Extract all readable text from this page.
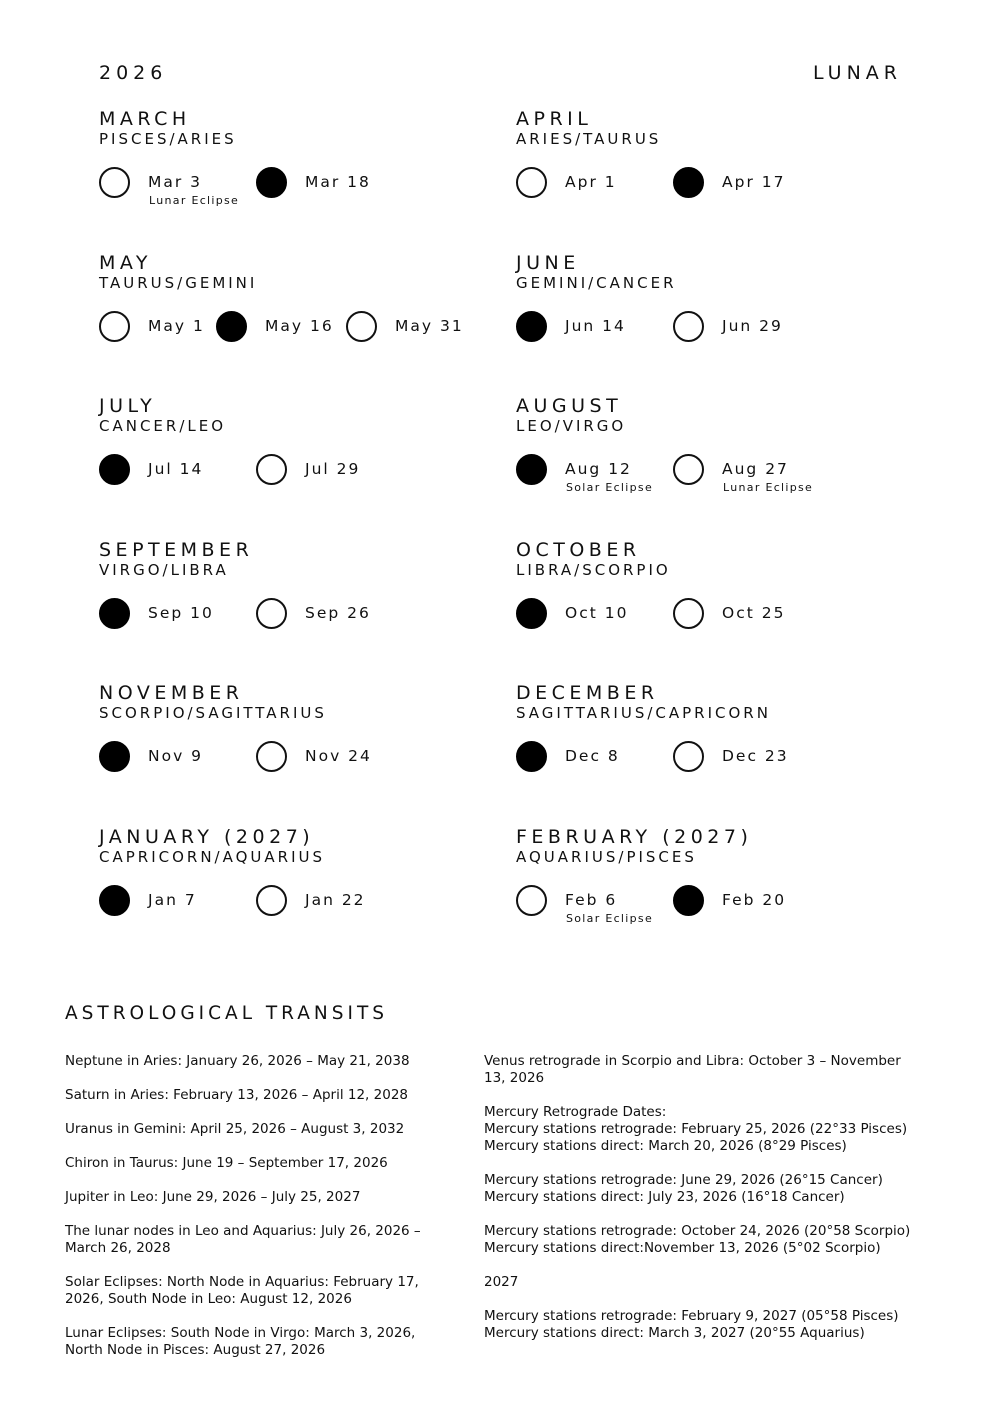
2026	LUNAR
MARCH
PISCES/ARIES
Mar 3
Lunar Eclipse
Mar 18
APRIL
ARIES/TAURUS
Apr 1	Apr 17
MAY
TAURUS/GEMINI
May 1	May 16	May 31
JUNE
GEMINI/CANCER
Jun 14	Jun 29
JULY
CANCER/LEO
Jul 14	Jul 29
AUGUST
LEO/VIRGO
Aug 12
Solar Eclipse
Aug 27
Lunar Eclipse
SEPTEMBER
VIRGO/LIBRA
Sep 10	Sep 26
OCTOBER
LIBRA/SCORPIO
Oct 10	Oct 25
NOVEMBER
SCORPIO/SAGITTARIUS
Nov 9	Nov 24
DECEMBER
SAGITTARIUS/CAPRICORN
Dec 8	Dec 23
JANUARY (2027)
CAPRICORN/AQUARIUS
Jan 7	Jan 22
FEBRUARY (2027)
AQUARIUS/PISCES
Feb 6
Solar Eclipse
Feb 20
ASTROLOGICAL TRANSITS

Neptune in Aries: January 26, 2026 – May 21, 2038

Saturn in Aries: February 13, 2026 – April 12, 2028

Uranus in Gemini: April 25, 2026 – August 3, 2032

Chiron in Taurus: June 19 – September 17, 2026

Jupiter in Leo: June 29, 2026 – July 25, 2027

The lunar nodes in Leo and Aquarius: July 26, 2026 –
March 26, 2028

Solar Eclipses: North Node in Aquarius: February 17,
2026, South Node in Leo: August 12, 2026

Lunar Eclipses: South Node in Virgo: March 3, 2026,
North Node in Pisces: August 27, 2026

Venus retrograde in Scorpio and Libra: October 3 – November
13, 2026

Mercury Retrograde Dates:
Mercury stations retrograde: February 25, 2026 (22°33 Pisces)
Mercury stations direct: March 20, 2026 (8°29 Pisces)

Mercury stations retrograde: June 29, 2026 (26°15 Cancer)
Mercury stations direct: July 23, 2026 (16°18 Cancer)

Mercury stations retrograde: October 24, 2026 (20°58 Scorpio)
Mercury stations direct:November 13, 2026 (5°02 Scorpio)

2027

Mercury stations retrograde: February 9, 2027 (05°58 Pisces)
Mercury stations direct: March 3, 2027 (20°55 Aquarius)
